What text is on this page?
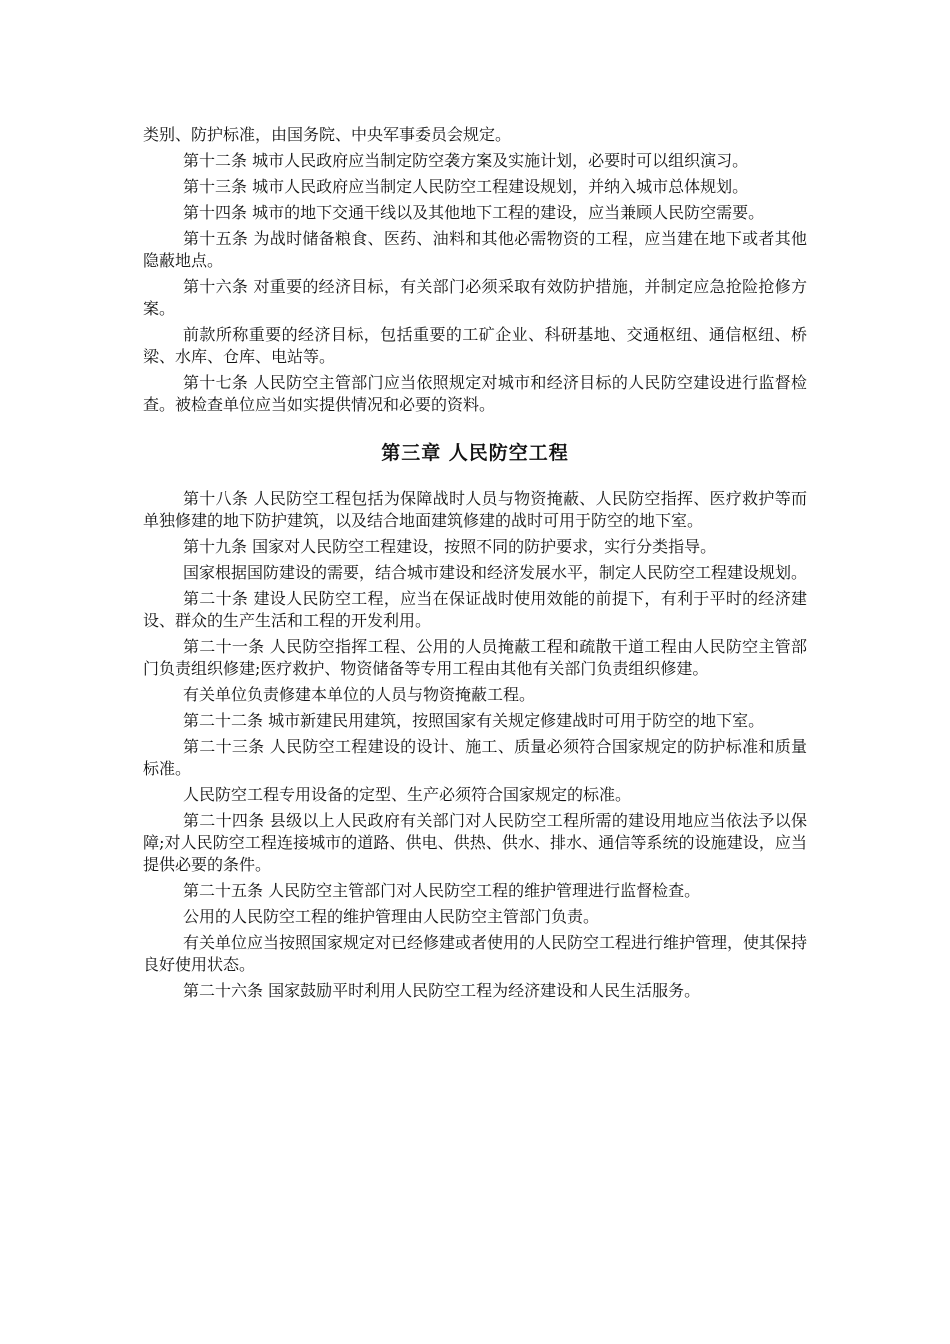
类别、防护标准，由国务院、中央军事委员会规定。

第十二条 城市人民政府应当制定防空袭方案及实施计划，必要时可以组织演习。

第十三条 城市人民政府应当制定人民防空工程建设规划，并纳入城市总体规划。

第十四条 城市的地下交通干线以及其他地下工程的建设，应当兼顾人民防空需要。

第十五条 为战时储备粮食、医药、油料和其他必需物资的工程，应当建在地下或者其他隐蔽地点。

第十六条 对重要的经济目标，有关部门必须采取有效防护措施，并制定应急抢险抢修方案。

前款所称重要的经济目标，包括重要的工矿企业、科研基地、交通枢纽、通信枢纽、桥梁、水库、仓库、电站等。

第十七条 人民防空主管部门应当依照规定对城市和经济目标的人民防空建设进行监督检查。被检查单位应当如实提供情况和必要的资料。

第三章 人民防空工程

第十八条 人民防空工程包括为保障战时人员与物资掩蔽、人民防空指挥、医疗救护等而单独修建的地下防护建筑，以及结合地面建筑修建的战时可用于防空的地下室。

第十九条 国家对人民防空工程建设，按照不同的防护要求，实行分类指导。

国家根据国防建设的需要，结合城市建设和经济发展水平，制定人民防空工程建设规划。

第二十条 建设人民防空工程，应当在保证战时使用效能的前提下，有利于平时的经济建设、群众的生产生活和工程的开发利用。

第二十一条 人民防空指挥工程、公用的人员掩蔽工程和疏散干道工程由人民防空主管部门负责组织修建;医疗救护、物资储备等专用工程由其他有关部门负责组织修建。

有关单位负责修建本单位的人员与物资掩蔽工程。

第二十二条 城市新建民用建筑，按照国家有关规定修建战时可用于防空的地下室。

第二十三条 人民防空工程建设的设计、施工、质量必须符合国家规定的防护标准和质量标准。

人民防空工程专用设备的定型、生产必须符合国家规定的标准。

第二十四条 县级以上人民政府有关部门对人民防空工程所需的建设用地应当依法予以保障;对人民防空工程连接城市的道路、供电、供热、供水、排水、通信等系统的设施建设，应当提供必要的条件。

第二十五条 人民防空主管部门对人民防空工程的维护管理进行监督检查。

公用的人民防空工程的维护管理由人民防空主管部门负责。

有关单位应当按照国家规定对已经修建或者使用的人民防空工程进行维护管理，使其保持良好使用状态。

第二十六条 国家鼓励平时利用人民防空工程为经济建设和人民生活服务。
